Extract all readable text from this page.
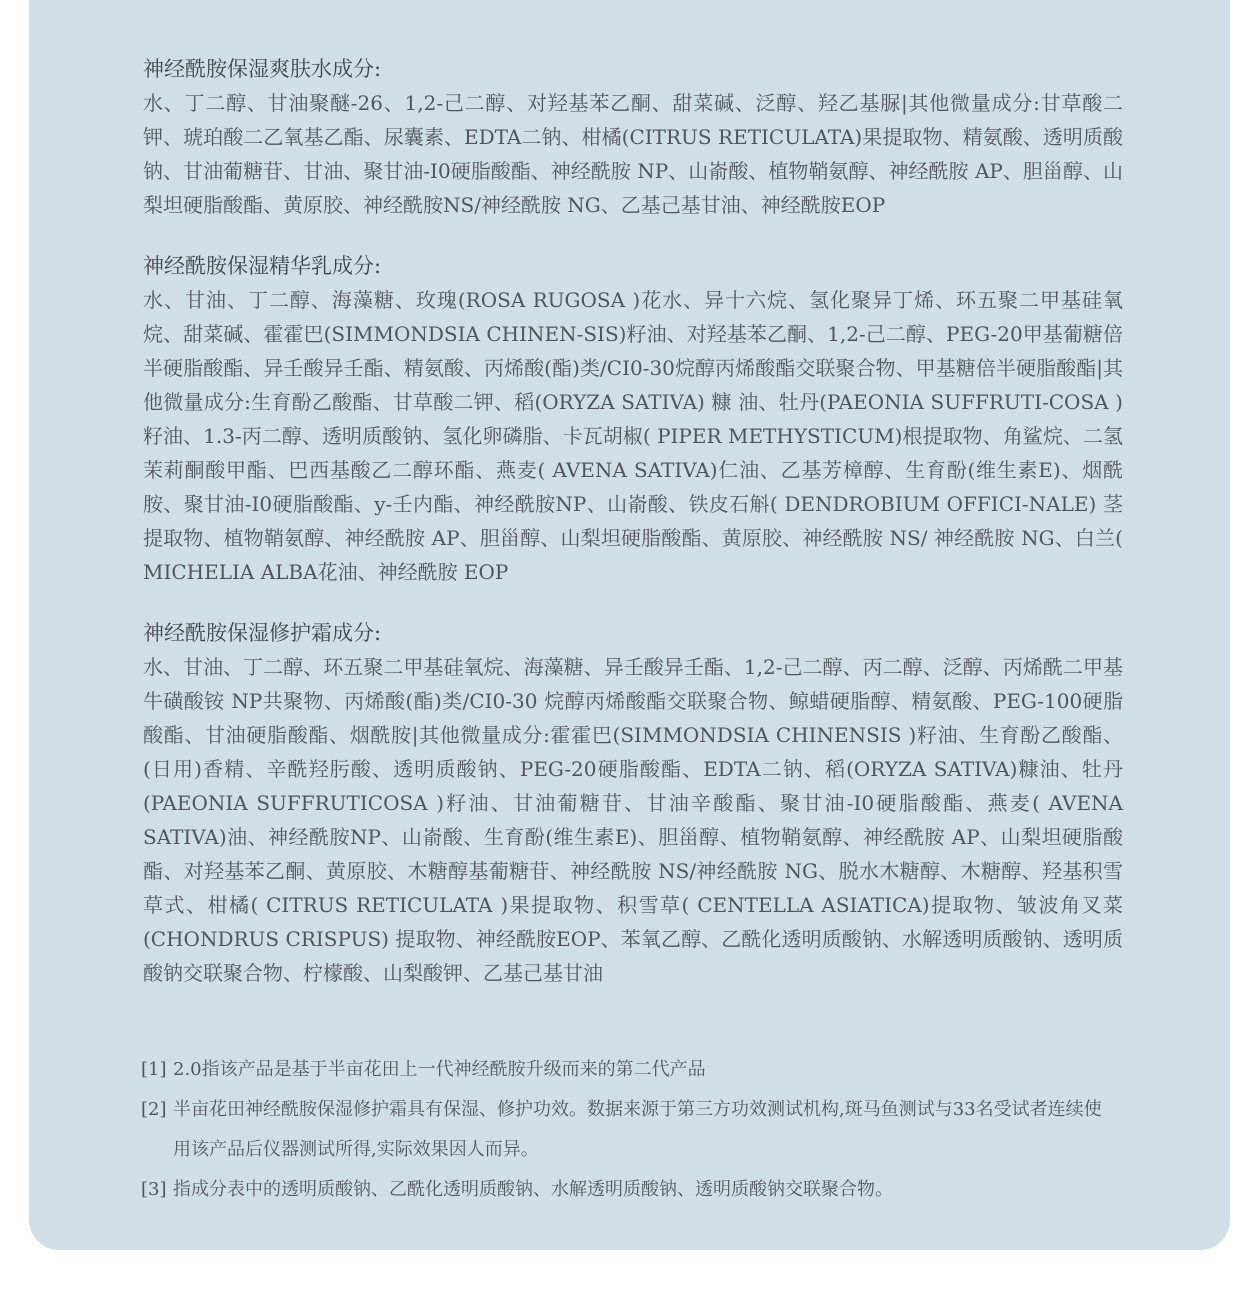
神经酰胺保湿爽肤水成分:

水、丁二醇、甘油聚醚-26、1,2-己二醇、对羟基苯乙酮、甜菜碱、泛醇、羟乙基脲|其他微量成分:甘草酸二钾、琥珀酸二乙氧基乙酯、尿囊素、EDTA二钠、柑橘(CITRUS RETICULATA)果提取物、精氨酸、透明质酸钠、甘油葡糖苷、甘油、聚甘油-I0硬脂酸酯、神经酰胺 NP、山嵛酸、植物鞘氨醇、神经酰胺 AP、胆甾醇、山梨坦硬脂酸酯、黄原胶、神经酰胺NS/神经酰胺 NG、乙基己基甘油、神经酰胺EOP

神经酰胺保湿精华乳成分:

水、甘油、丁二醇、海藻糖、玫瑰(ROSA RUGOSA )花水、异十六烷、氢化聚异丁烯、环五聚二甲基硅氧烷、甜菜碱、霍霍巴(SIMMONDSIA CHINEN-SIS)籽油、对羟基苯乙酮、1,2-己二醇、PEG-20甲基葡糖倍半硬脂酸酯、异壬酸异壬酯、精氨酸、丙烯酸(酯)类/CI0-30烷醇丙烯酸酯交联聚合物、甲基糖倍半硬脂酸酯|其他微量成分:生育酚乙酸酯、甘草酸二钾、稻(ORYZA SATIVA) 糠 油、牡丹(PAEONIA SUFFRUTI-COSA )籽油、1.3-丙二醇、透明质酸钠、氢化卵磷脂、卡瓦胡椒( PIPER METHYSTICUM)根提取物、角鲨烷、二氢茉莉酮酸甲酯、巴西基酸乙二醇环酯、燕麦( AVENA SATIVA)仁油、乙基芳樟醇、生育酚(维生素E)、烟酰胺、聚甘油-I0硬脂酸酯、y-壬内酯、神经酰胺NP、山嵛酸、铁皮石斛( DENDROBIUM OFFICI-NALE) 茎提取物、植物鞘氨醇、神经酰胺 AP、胆甾醇、山梨坦硬脂酸酯、黄原胶、神经酰胺 NS/ 神经酰胺 NG、白兰( MICHELIA ALBA花油、神经酰胺 EOP

神经酰胺保湿修护霜成分:

水、甘油、丁二醇、环五聚二甲基硅氧烷、海藻糖、异壬酸异壬酯、1,2-己二醇、丙二醇、泛醇、丙烯酰二甲基牛磺酸铵 NP共聚物、丙烯酸(酯)类/CI0-30 烷醇丙烯酸酯交联聚合物、鲸蜡硬脂醇、精氨酸、PEG-100硬脂酸酯、甘油硬脂酸酯、烟酰胺|其他微量成分:霍霍巴(SIMMONDSIA CHINENSIS )籽油、生育酚乙酸酯、(日用)香精、辛酰羟肟酸、透明质酸钠、PEG-20硬脂酸酯、EDTA二钠、稻(ORYZA SATIVA)糠油、牡丹(PAEONIA SUFFRUTICOSA )籽油、甘油葡糖苷、甘油辛酸酯、聚甘油-I0硬脂酸酯、燕麦( AVENA SATIVA)油、神经酰胺NP、山嵛酸、生育酚(维生素E)、胆甾醇、植物鞘氨醇、神经酰胺 AP、山梨坦硬脂酸酯、对羟基苯乙酮、黄原胶、木糖醇基葡糖苷、神经酰胺 NS/神经酰胺 NG、脱水木糖醇、木糖醇、羟基积雪草式、柑橘( CITRUS RETICULATA )果提取物、积雪草( CENTELLA ASIATICA)提取物、皱波角叉菜(CHONDRUS CRISPUS) 提取物、神经酰胺EOP、苯氧乙醇、乙酰化透明质酸钠、水解透明质酸钠、透明质酸钠交联聚合物、柠檬酸、山梨酸钾、乙基己基甘油

[1] 2.0指该产品是基于半亩花田上一代神经酰胺升级而来的第二代产品
[2] 半亩花田神经酰胺保湿修护霜具有保湿、修护功效。数据来源于第三方功效测试机构,斑马鱼测试与33名受试者连续使用该产品后仪器测试所得,实际效果因人而异。
[3] 指成分表中的透明质酸钠、乙酰化透明质酸钠、水解透明质酸钠、透明质酸钠交联聚合物。
